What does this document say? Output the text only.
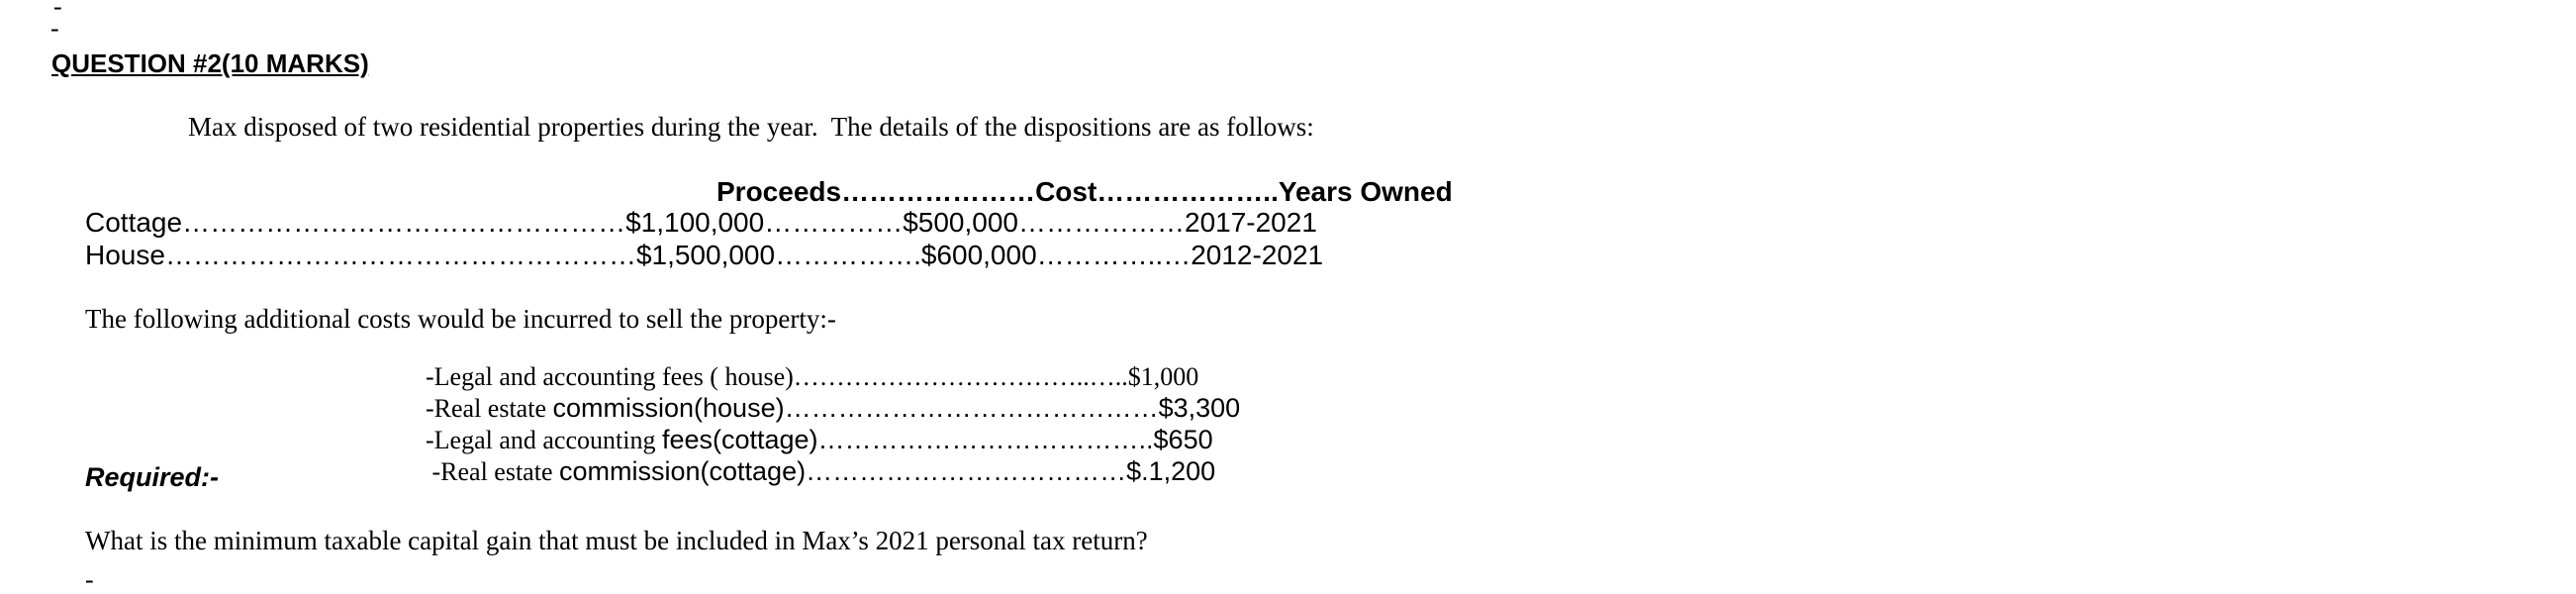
-
-
QUESTION #2(10 MARKS)
Max disposed of two residential properties during the year.  The details of the dispositions are as follows:
Proceeds…………………Cost………………..Years Owned
Cottage…………………………………………$1,100,000……………$500,000………………2017-2021
House……………………………………………$1,500,000…………….$600,000…………..…2012-2021
The following additional costs would be incurred to sell the property:-

-Legal and accounting fees ( house)……………………………..…..$1,000

-Real estate commission(house)……………………………………$3,300

-Legal and accounting fees(cottage)………………………………..$650

-Real estate commission(cottage)………………………………$.1,200

Required:-
What is the minimum taxable capital gain that must be included in Max’s 2021 personal tax return?
-
